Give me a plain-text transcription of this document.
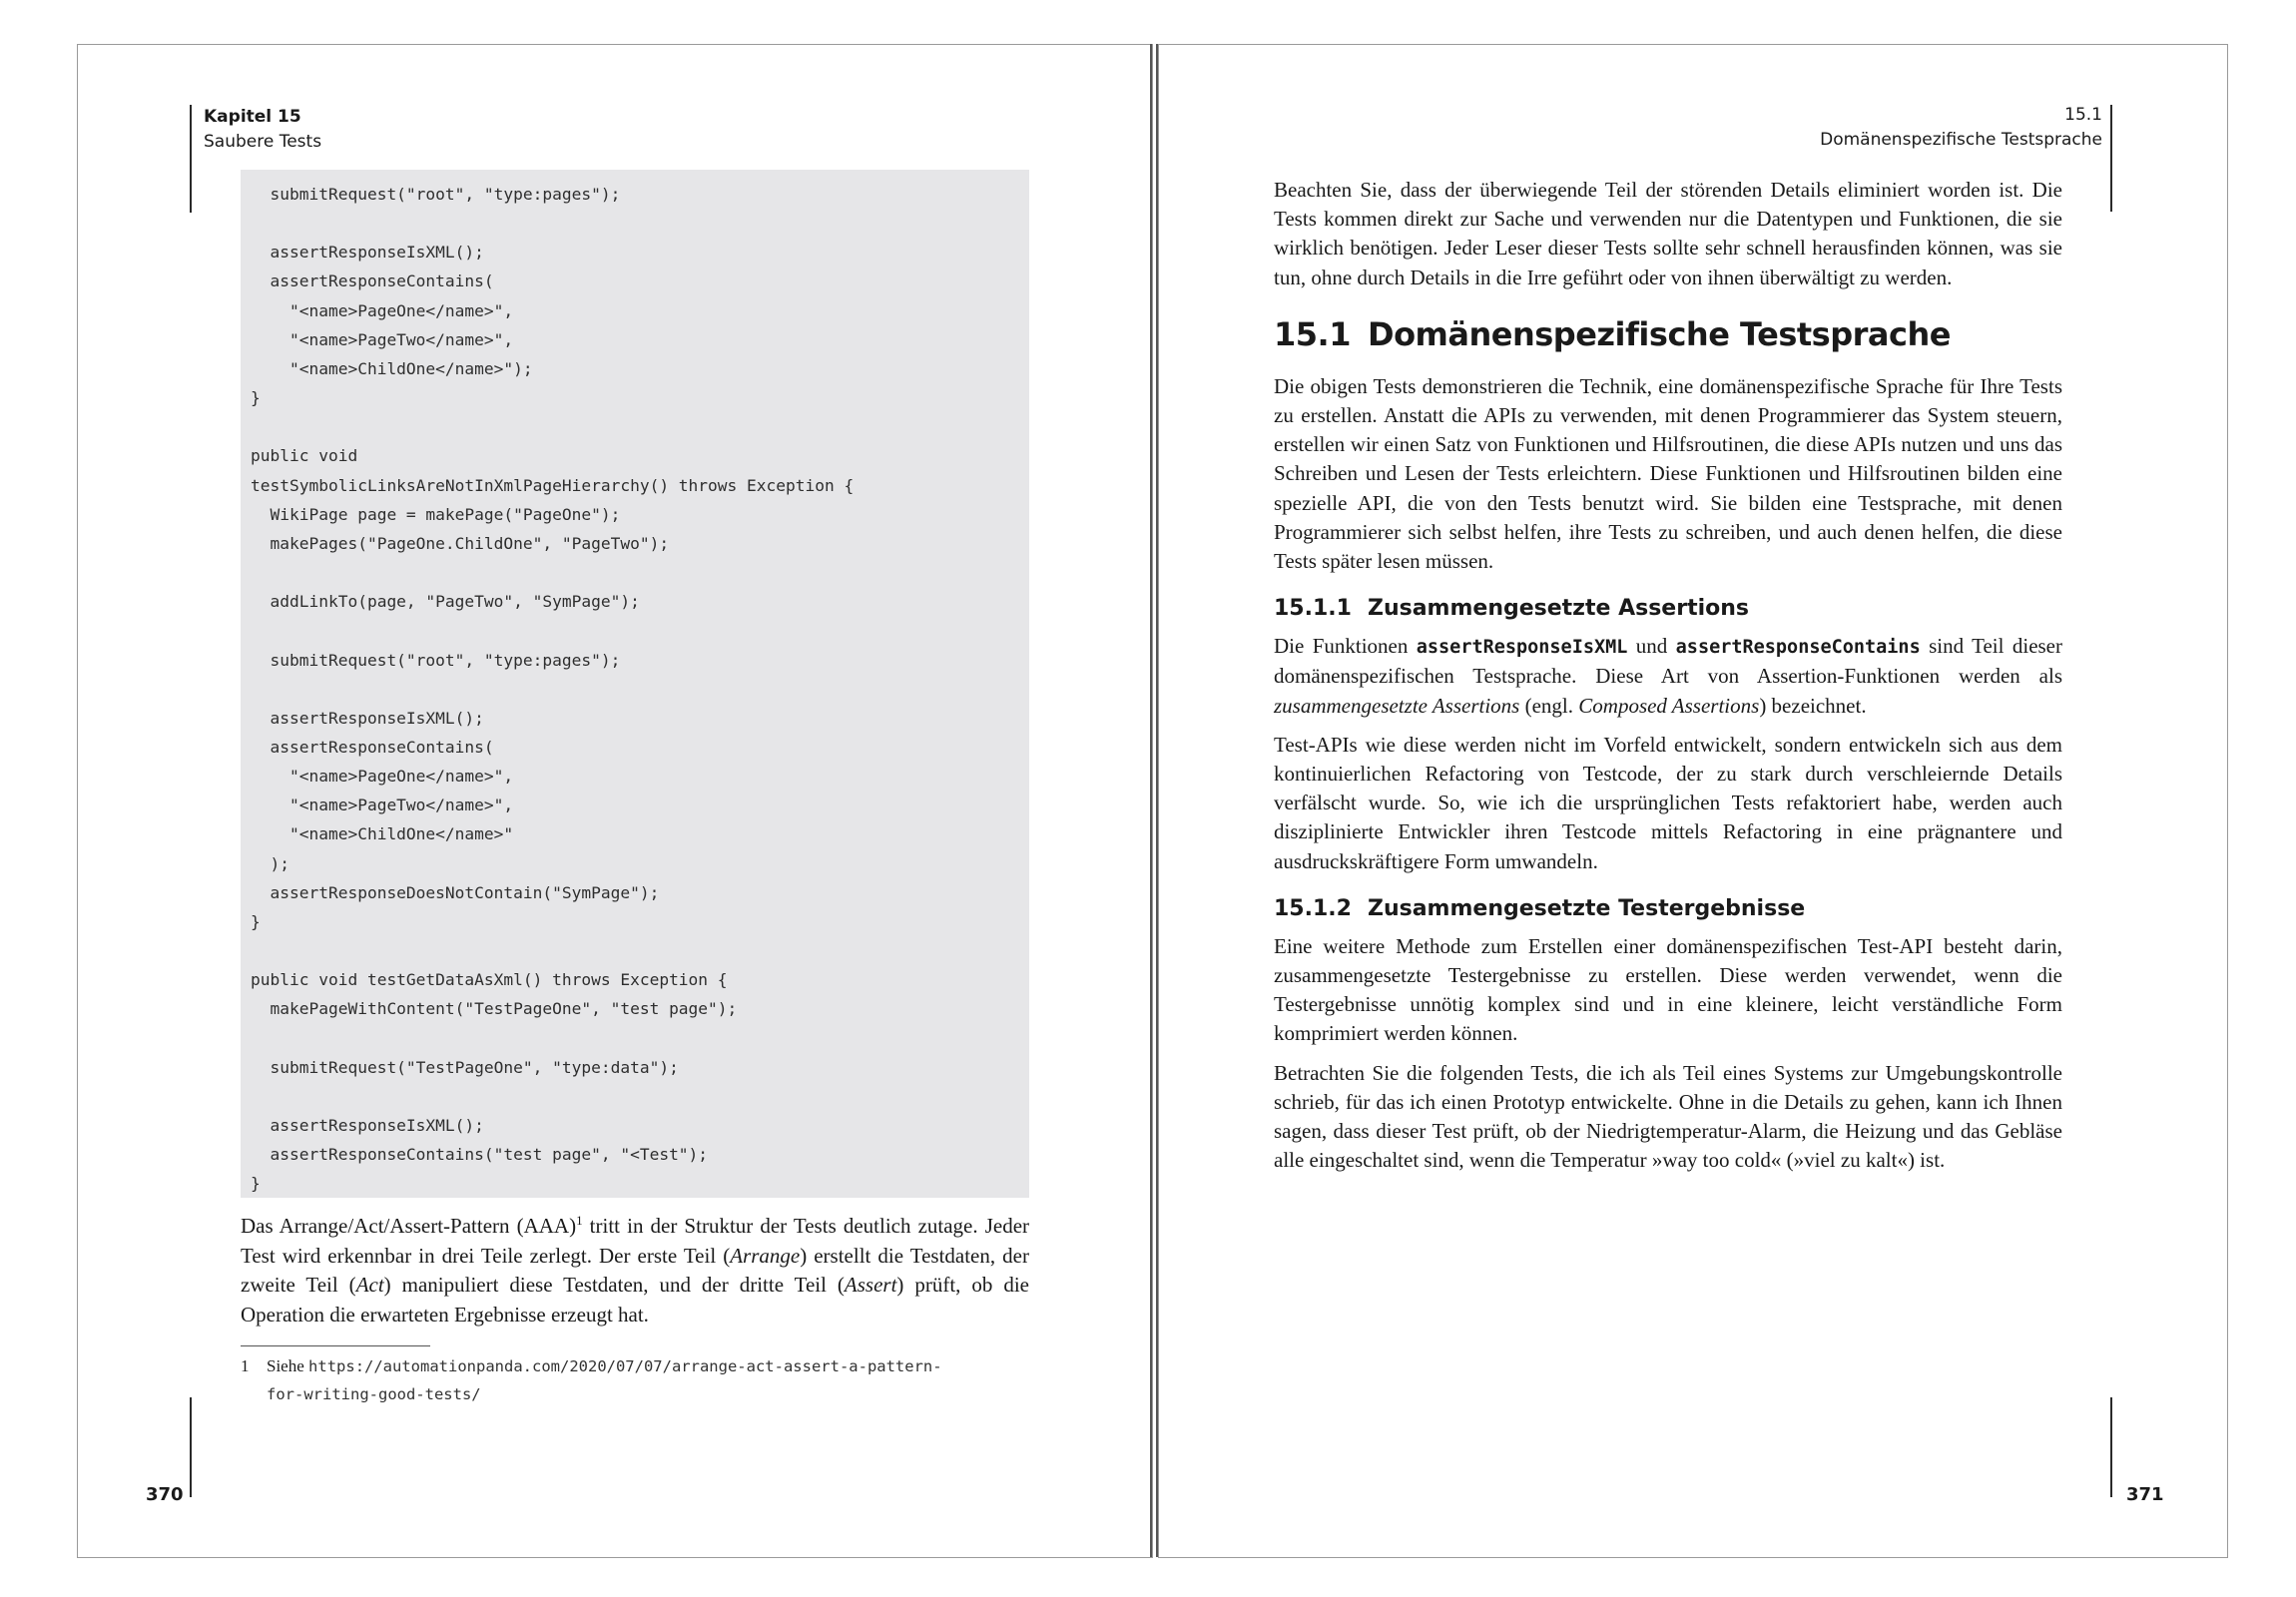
Kapitel 15
Saubere Tests
submitRequest("root", "type:pages");

assertResponseIsXML();
assertResponseContains(
"<name>PageOne</name>",
"<name>PageTwo</name>",
"<name>ChildOne</name>");
}

public void
testSymbolicLinksAreNotInXmlPageHierarchy() throws Exception {
WikiPage page = makePage("PageOne");
makePages("PageOne.ChildOne", "PageTwo");

addLinkTo(page, "PageTwo", "SymPage");

submitRequest("root", "type:pages");

assertResponseIsXML();
assertResponseContains(
"<name>PageOne</name>",
"<name>PageTwo</name>",
"<name>ChildOne</name>"
);
assertResponseDoesNotContain("SymPage");
}

public void testGetDataAsXml() throws Exception {
makePageWithContent("TestPageOne", "test page");

submitRequest("TestPageOne", "type:data");

assertResponseIsXML();
assertResponseContains("test page", "<Test");
}

Das Arrange/Act/Assert-Pattern (AAA)$^1$ tritt in der Struktur der Tests deutlich zutage. Jeder Test wird erkennbar in drei Teile zerlegt. Der erste Teil (Arrange) erstellt die Testdaten, der zweite Teil (Act) manipuliert diese Testdaten, und der dritte Teil (Assert) prüft, ob die Operation die erwarteten Ergebnisse erzeugt hat.

1 Siehe https://automationpanda.com/2020/07/07/arrange-act-assert-a-pattern-
for-writing-good-tests/
370
15.1
Domänenspezifische Testsprache

Beachten Sie, dass der überwiegende Teil der störenden Details eliminiert worden ist. Die Tests kommen direkt zur Sache und verwenden nur die Datentypen und Funktionen, die sie wirklich benötigen. Jeder Leser dieser Tests sollte sehr schnell herausfinden können, was sie tun, ohne durch Details in die Irre geführt oder von ihnen überwältigt zu werden.

15.1 Domänenspezifische Testsprache

Die obigen Tests demonstrieren die Technik, eine domänenspezifische Sprache für Ihre Tests zu erstellen. Anstatt die APIs zu verwenden, mit denen Programmierer das System steuern, erstellen wir einen Satz von Funktionen und Hilfsroutinen, die diese APIs nutzen und uns das Schreiben und Lesen der Tests erleichtern. Diese Funktionen und Hilfsroutinen bilden eine spezielle API, die von den Tests benutzt wird. Sie bilden eine Testsprache, mit denen Programmierer sich selbst helfen, ihre Tests zu schreiben, und auch denen helfen, die diese Tests später lesen müssen.

15.1.1 Zusammengesetzte Assertions

Die Funktionen assertResponseIsXML und assertResponseContains sind Teil dieser domänenspezifischen Testsprache. Diese Art von Assertion-Funktionen werden als zusammengesetzte Assertions (engl. Composed Assertions) bezeichnet.

Test-APIs wie diese werden nicht im Vorfeld entwickelt, sondern entwickeln sich aus dem kontinuierlichen Refactoring von Testcode, der zu stark durch verschleiernde Details verfälscht wurde. So, wie ich die ursprünglichen Tests refaktoriert habe, werden auch disziplinierte Entwickler ihren Testcode mittels Refactoring in eine prägnantere und ausdruckskräftigere Form umwandeln.

15.1.2 Zusammengesetzte Testergebnisse

Eine weitere Methode zum Erstellen einer domänenspezifischen Test-API besteht darin, zusammengesetzte Testergebnisse zu erstellen. Diese werden verwendet, wenn die Testergebnisse unnötig komplex sind und in eine kleinere, leicht verständliche Form komprimiert werden können.

Betrachten Sie die folgenden Tests, die ich als Teil eines Systems zur Umgebungskontrolle schrieb, für das ich einen Prototyp entwickelte. Ohne in die Details zu gehen, kann ich Ihnen sagen, dass dieser Test prüft, ob der Niedrigtemperatur-Alarm, die Heizung und das Gebläse alle eingeschaltet sind, wenn die Temperatur »way too cold« (»viel zu kalt«) ist.

371
